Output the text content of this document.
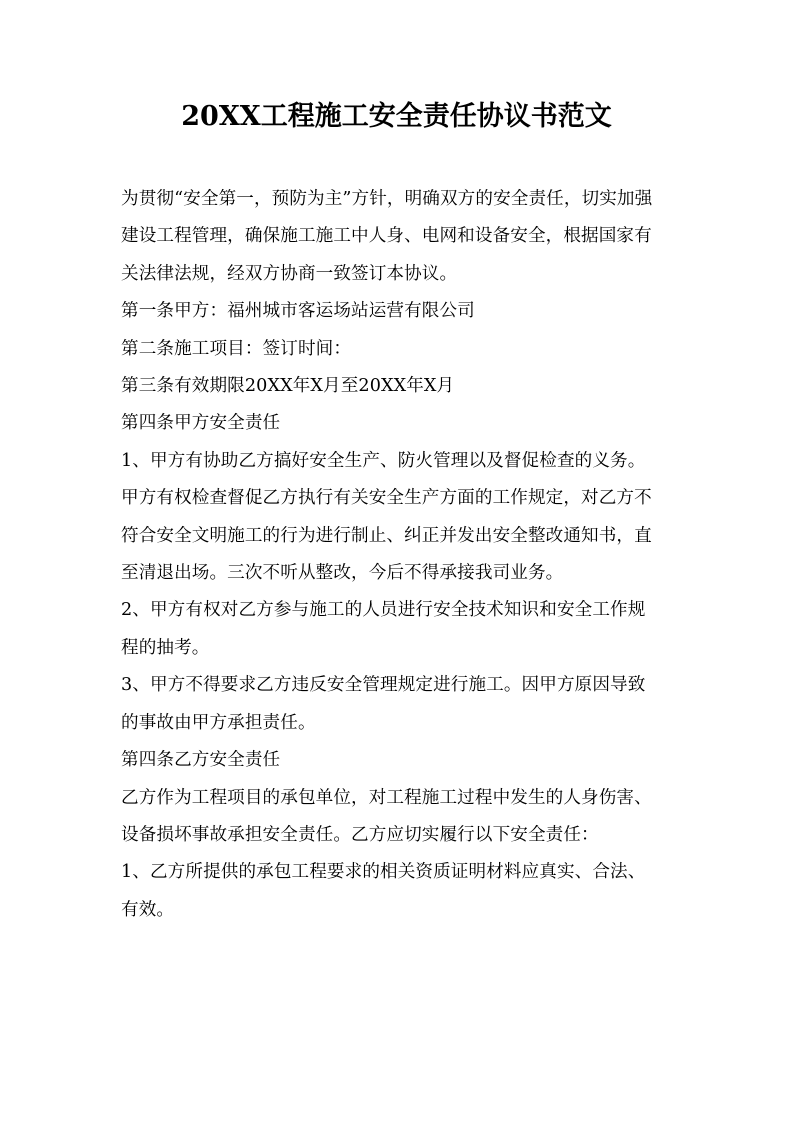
20XX工程施工安全责任协议书范文

为贯彻“安全第一，预防为主”方针，明确双方的安全责任，切实加强
建设工程管理，确保施工施工中人身、电网和设备安全，根据国家有
关法律法规，经双方协商一致签订本协议。

第一条甲方：福州城市客运场站运营有限公司

第二条施工项目：签订时间：

第三条有效期限20XX年X月至20XX年X月

第四条甲方安全责任

1、甲方有协助乙方搞好安全生产、防火管理以及督促检查的义务。
甲方有权检查督促乙方执行有关安全生产方面的工作规定，对乙方不
符合安全文明施工的行为进行制止、纠正并发出安全整改通知书，直
至清退出场。三次不听从整改，今后不得承接我司业务。

2、甲方有权对乙方参与施工的人员进行安全技术知识和安全工作规
程的抽考。

3、甲方不得要求乙方违反安全管理规定进行施工。因甲方原因导致
的事故由甲方承担责任。

第四条乙方安全责任

乙方作为工程项目的承包单位，对工程施工过程中发生的人身伤害、
设备损坏事故承担安全责任。乙方应切实履行以下安全责任：

1、乙方所提供的承包工程要求的相关资质证明材料应真实、合法、
有效。
